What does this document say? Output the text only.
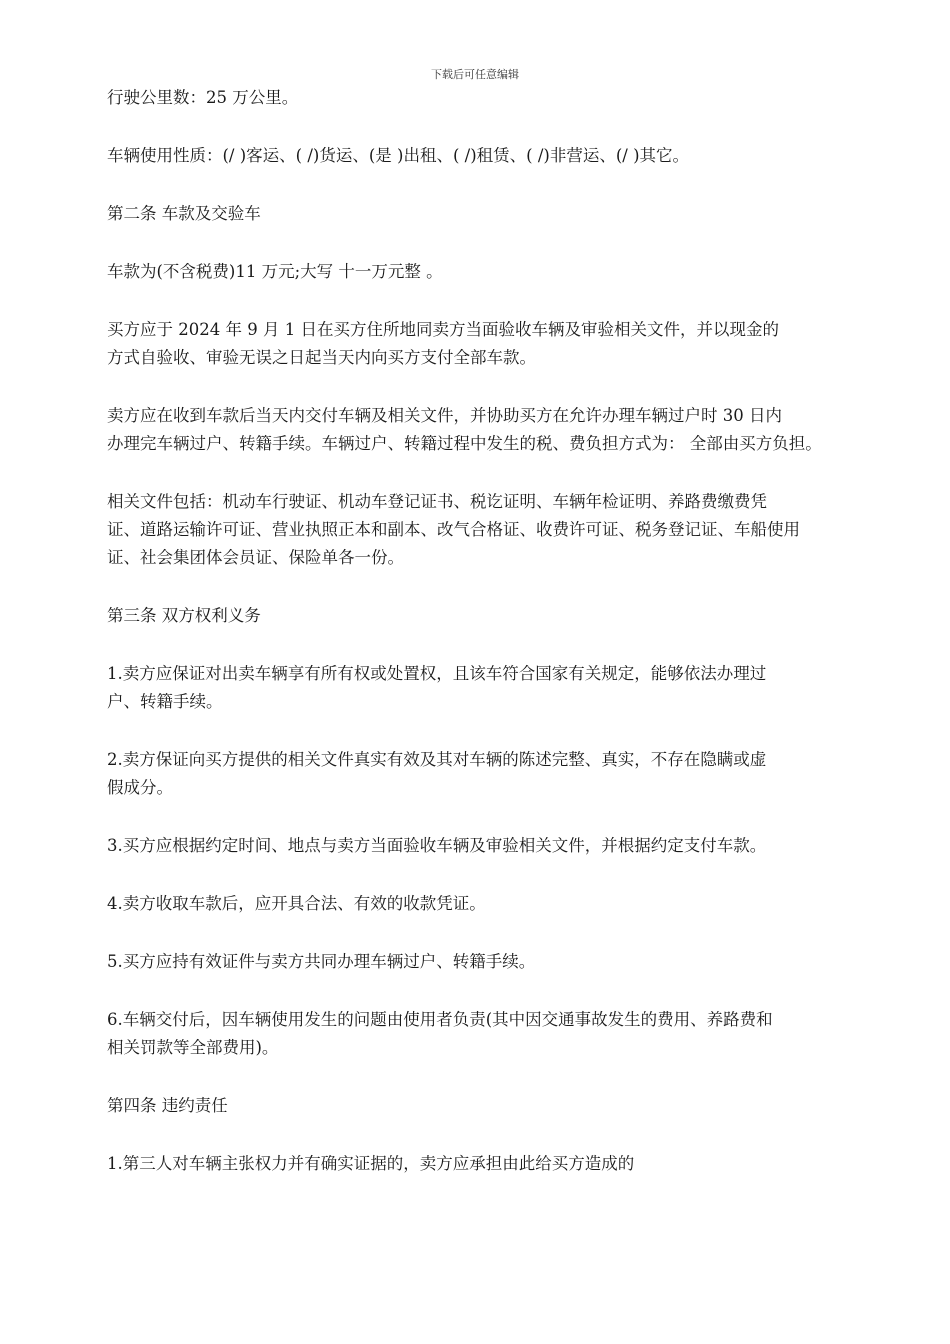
下载后可任意编辑

行驶公里数：25 万公里。

车辆使用性质：(/ )客运、( /)货运、(是 )出租、( /)租赁、( /)非营运、(/ )其它。

第二条 车款及交验车

车款为(不含税费)11 万元;大写 十一万元整 。

买方应于 2024 年 9 月 1 日在买方住所地同卖方当面验收车辆及审验相关文件，并以现金的

方式自验收、审验无误之日起当天内向买方支付全部车款。

卖方应在收到车款后当天内交付车辆及相关文件，并协助买方在允许办理车辆过户时 30 日内

办理完车辆过户、转籍手续。车辆过户、转籍过程中发生的税、费负担方式为： 全部由买方负担。

相关文件包括：机动车行驶证、机动车登记证书、税讫证明、车辆年检证明、养路费缴费凭

证、道路运输许可证、营业执照正本和副本、改气合格证、收费许可证、税务登记证、车船使用

证、社会集团体会员证、保险单各一份。

第三条 双方权利义务

1.卖方应保证对出卖车辆享有所有权或处置权，且该车符合国家有关规定，能够依法办理过

户、转籍手续。

2.卖方保证向买方提供的相关文件真实有效及其对车辆的陈述完整、真实，不存在隐瞒或虚

假成分。

3.买方应根据约定时间、地点与卖方当面验收车辆及审验相关文件，并根据约定支付车款。

4.卖方收取车款后，应开具合法、有效的收款凭证。

5.买方应持有效证件与卖方共同办理车辆过户、转籍手续。

6.车辆交付后，因车辆使用发生的问题由使用者负责(其中因交通事故发生的费用、养路费和

相关罚款等全部费用)。

第四条 违约责任

1.第三人对车辆主张权力并有确实证据的，卖方应承担由此给买方造成的
